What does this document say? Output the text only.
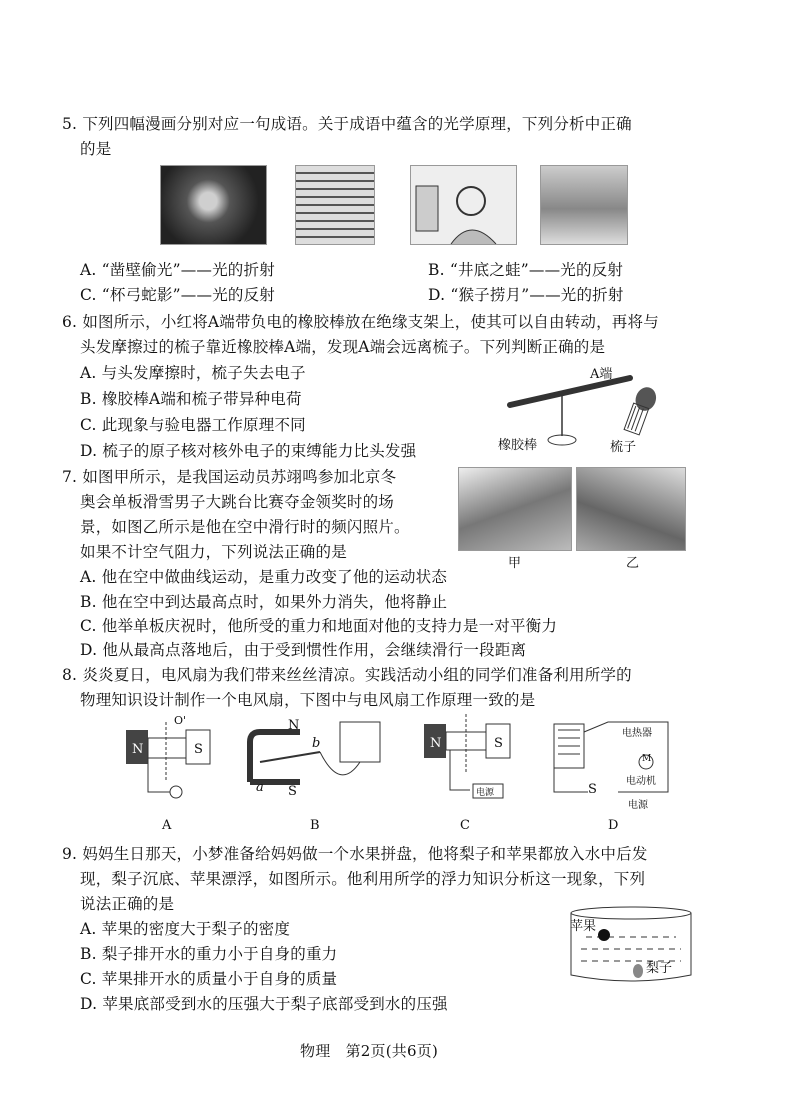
5. 下列四幅漫画分别对应一句成语。关于成语中蕴含的光学原理，下列分析中正确
的是
A. “凿壁偷光”——光的折射	B. “井底之蛙”——光的反射
C. “杯弓蛇影”——光的反射	D. “猴子捞月”——光的折射
6. 如图所示，小红将A端带负电的橡胶棒放在绝缘支架上，使其可以自由转动，再将与
头发摩擦过的梳子靠近橡胶棒A端，发现A端会远离梳子。下列判断正确的是
A. 与头发摩擦时，梳子失去电子
B. 橡胶棒A端和梳子带异种电荷
C. 此现象与验电器工作原理不同
D. 梳子的原子核对核外电子的束缚能力比头发强
A端
橡胶棒	梳子
7. 如图甲所示，是我国运动员苏翊鸣参加北京冬
奥会单板滑雪男子大跳台比赛夺金领奖时的场
景，如图乙所示是他在空中滑行时的频闪照片。
如果不计空气阻力，下列说法正确的是
甲	乙
A. 他在空中做曲线运动，是重力改变了他的运动状态
B. 他在空中到达最高点时，如果外力消失，他将静止
C. 他举单板庆祝时，他所受的重力和地面对他的支持力是一对平衡力
D. 他从最高点落地后，由于受到惯性作用，会继续滑行一段距离
8. 炎炎夏日，电风扇为我们带来丝丝清凉。实践活动小组的同学们准备利用所学的
物理知识设计制作一个电风扇，下图中与电风扇工作原理一致的是
N	S
O'	N
S
a
b	N	S
电源
电热器
M
电动机
S
电源
A	B	C	D
9. 妈妈生日那天，小梦准备给妈妈做一个水果拼盘，他将梨子和苹果都放入水中后发
现，梨子沉底、苹果漂浮，如图所示。他利用所学的浮力知识分析这一现象，下列
说法正确的是
A. 苹果的密度大于梨子的密度
B. 梨子排开水的重力小于自身的重力
C. 苹果排开水的质量小于自身的质量
D. 苹果底部受到水的压强大于梨子底部受到水的压强
苹果
梨子
物理　第2页(共6页)
